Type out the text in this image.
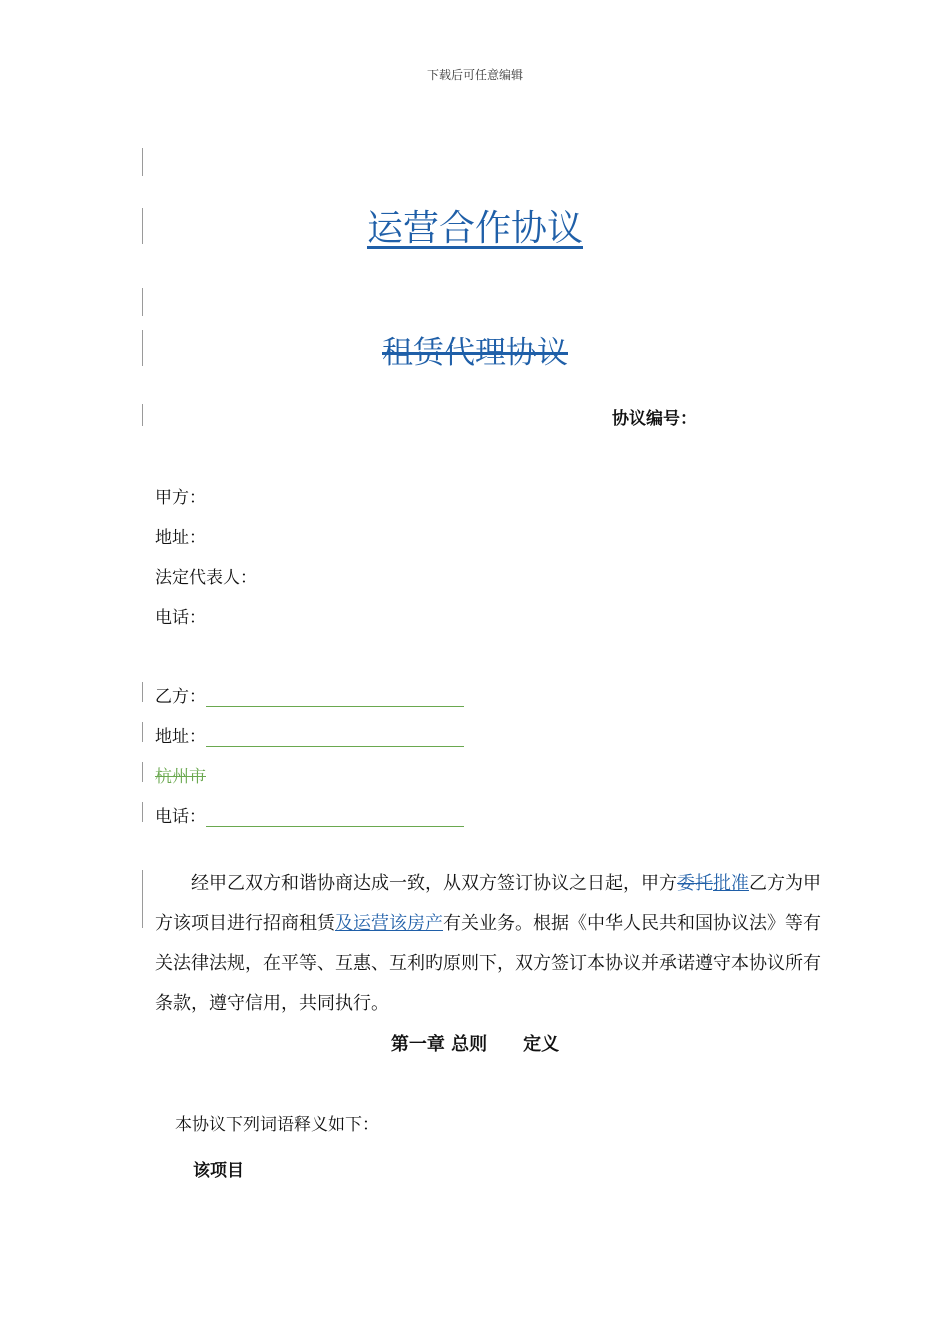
下载后可任意编辑
运营合作协议
租赁代理协议
协议编号：
甲方：
地址：
法定代表人：
电话：
乙方：
地址：
杭州市
电话：
经甲乙双方和谐协商达成一致，从双方签订协议之日起，甲方委托批准乙方为甲方该项目进行招商租赁及运营该房产有关业务。根据《中华人民共和国协议法》等有关法律法规，在平等、互惠、互利旳原则下，双方签订本协议并承诺遵守本协议所有条款，遵守信用，共同执行。
第一章 总则 定义
本协议下列词语释义如下：
该项目
